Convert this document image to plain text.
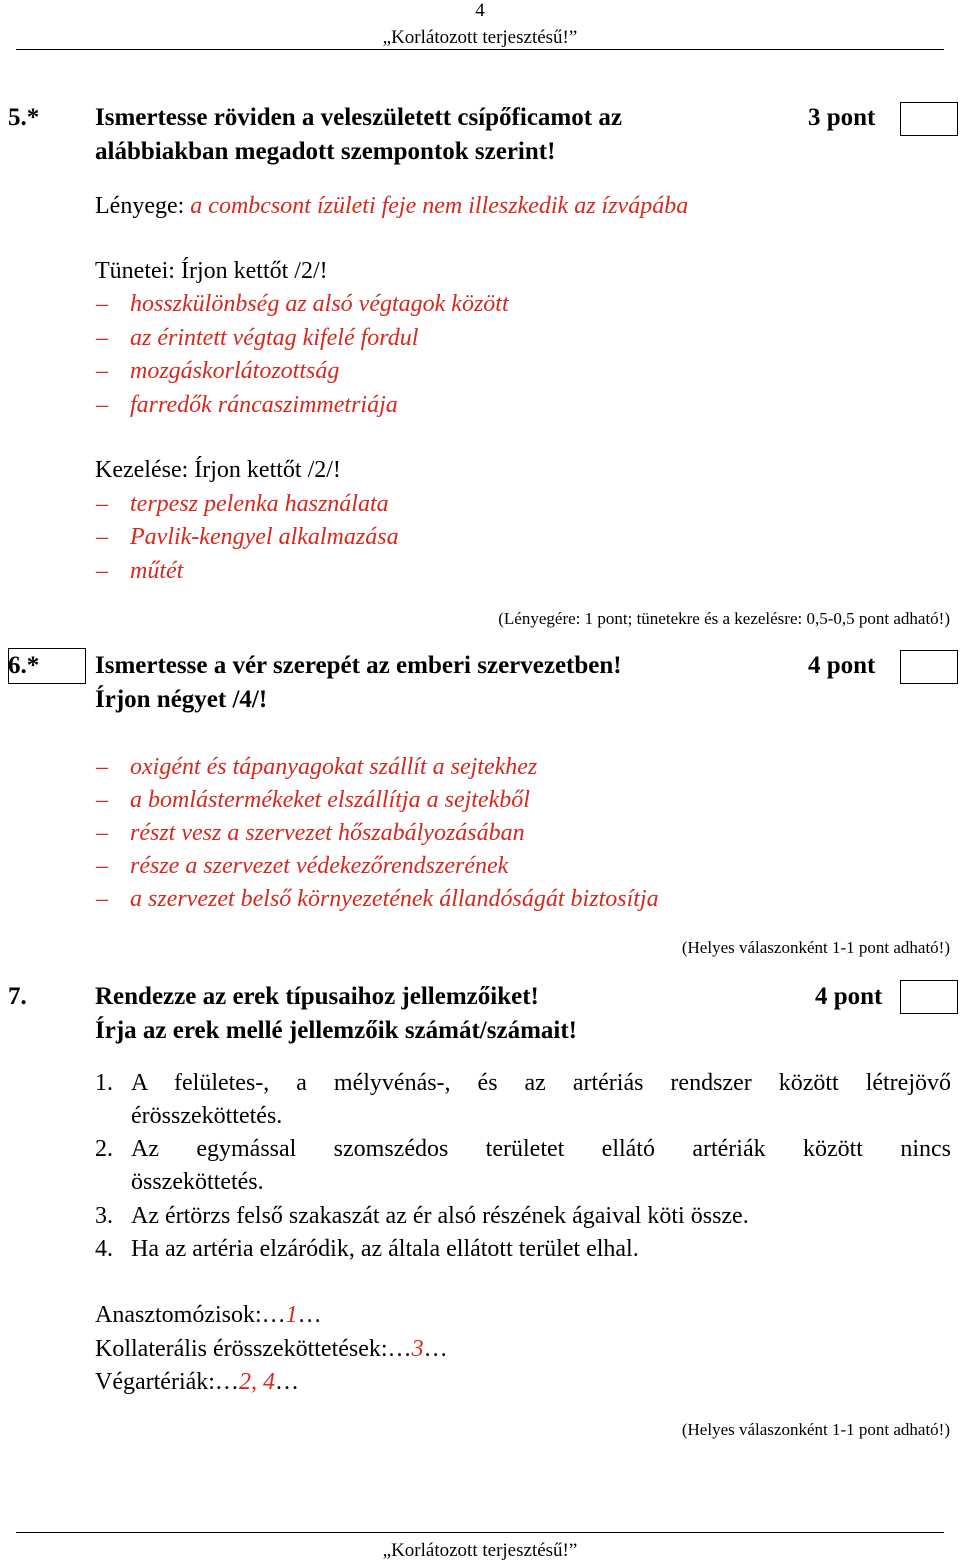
4
„Korlátozott terjesztésű!”
5.* Ismertesse röviden a veleszületett csípőficamot az
alábbiakban megadott szempontok szerint!
3 pont
Lényege: a combcsont ízületi feje nem illeszkedik az ízvápába
Tünetei: Írjon kettőt /2/!
– hosszkülönbség az alsó végtagok között
– az érintett végtag kifelé fordul
– mozgáskorlátozottság
– farredők ráncaszimmetriája
Kezelése: Írjon kettőt /2/!
– terpesz pelenka használata
– Pavlik-kengyel alkalmazása
– műtét
(Lényegére: 1 pont; tünetekre és a kezelésre: 0,5-0,5 pont adható!)
6.* Ismertesse a vér szerepét az emberi szervezetben!
Írjon négyet /4/!
4 pont
– oxigént és tápanyagokat szállít a sejtekhez
– a bomlástermékeket elszállítja a sejtekből
– részt vesz a szervezet hőszabályozásában
– része a szervezet védekezőrendszerének
– a szervezet belső környezetének állandóságát biztosítja
(Helyes válaszonként 1-1 pont adható!)
7.	Rendezze az erek típusaihoz jellemzőiket!
Írja az erek mellé jellemzőik számát/számait!
4 pont
1. A felületes-, a mélyvénás-, és az artériás rendszer között létrejövő
érösszeköttetés.
2. Az egymással szomszédos területet ellátó artériák között nincs
összeköttetés.
3. Az értörzs felső szakaszát az ér alsó részének ágaival köti össze.
4. Ha az artéria elzáródik, az általa ellátott terület elhal.
Anasztomózisok:…1…
Kollaterális érösszeköttetések:…3…
Végartériák:…2, 4…
(Helyes válaszonként 1-1 pont adható!)
„Korlátozott terjesztésű!”
